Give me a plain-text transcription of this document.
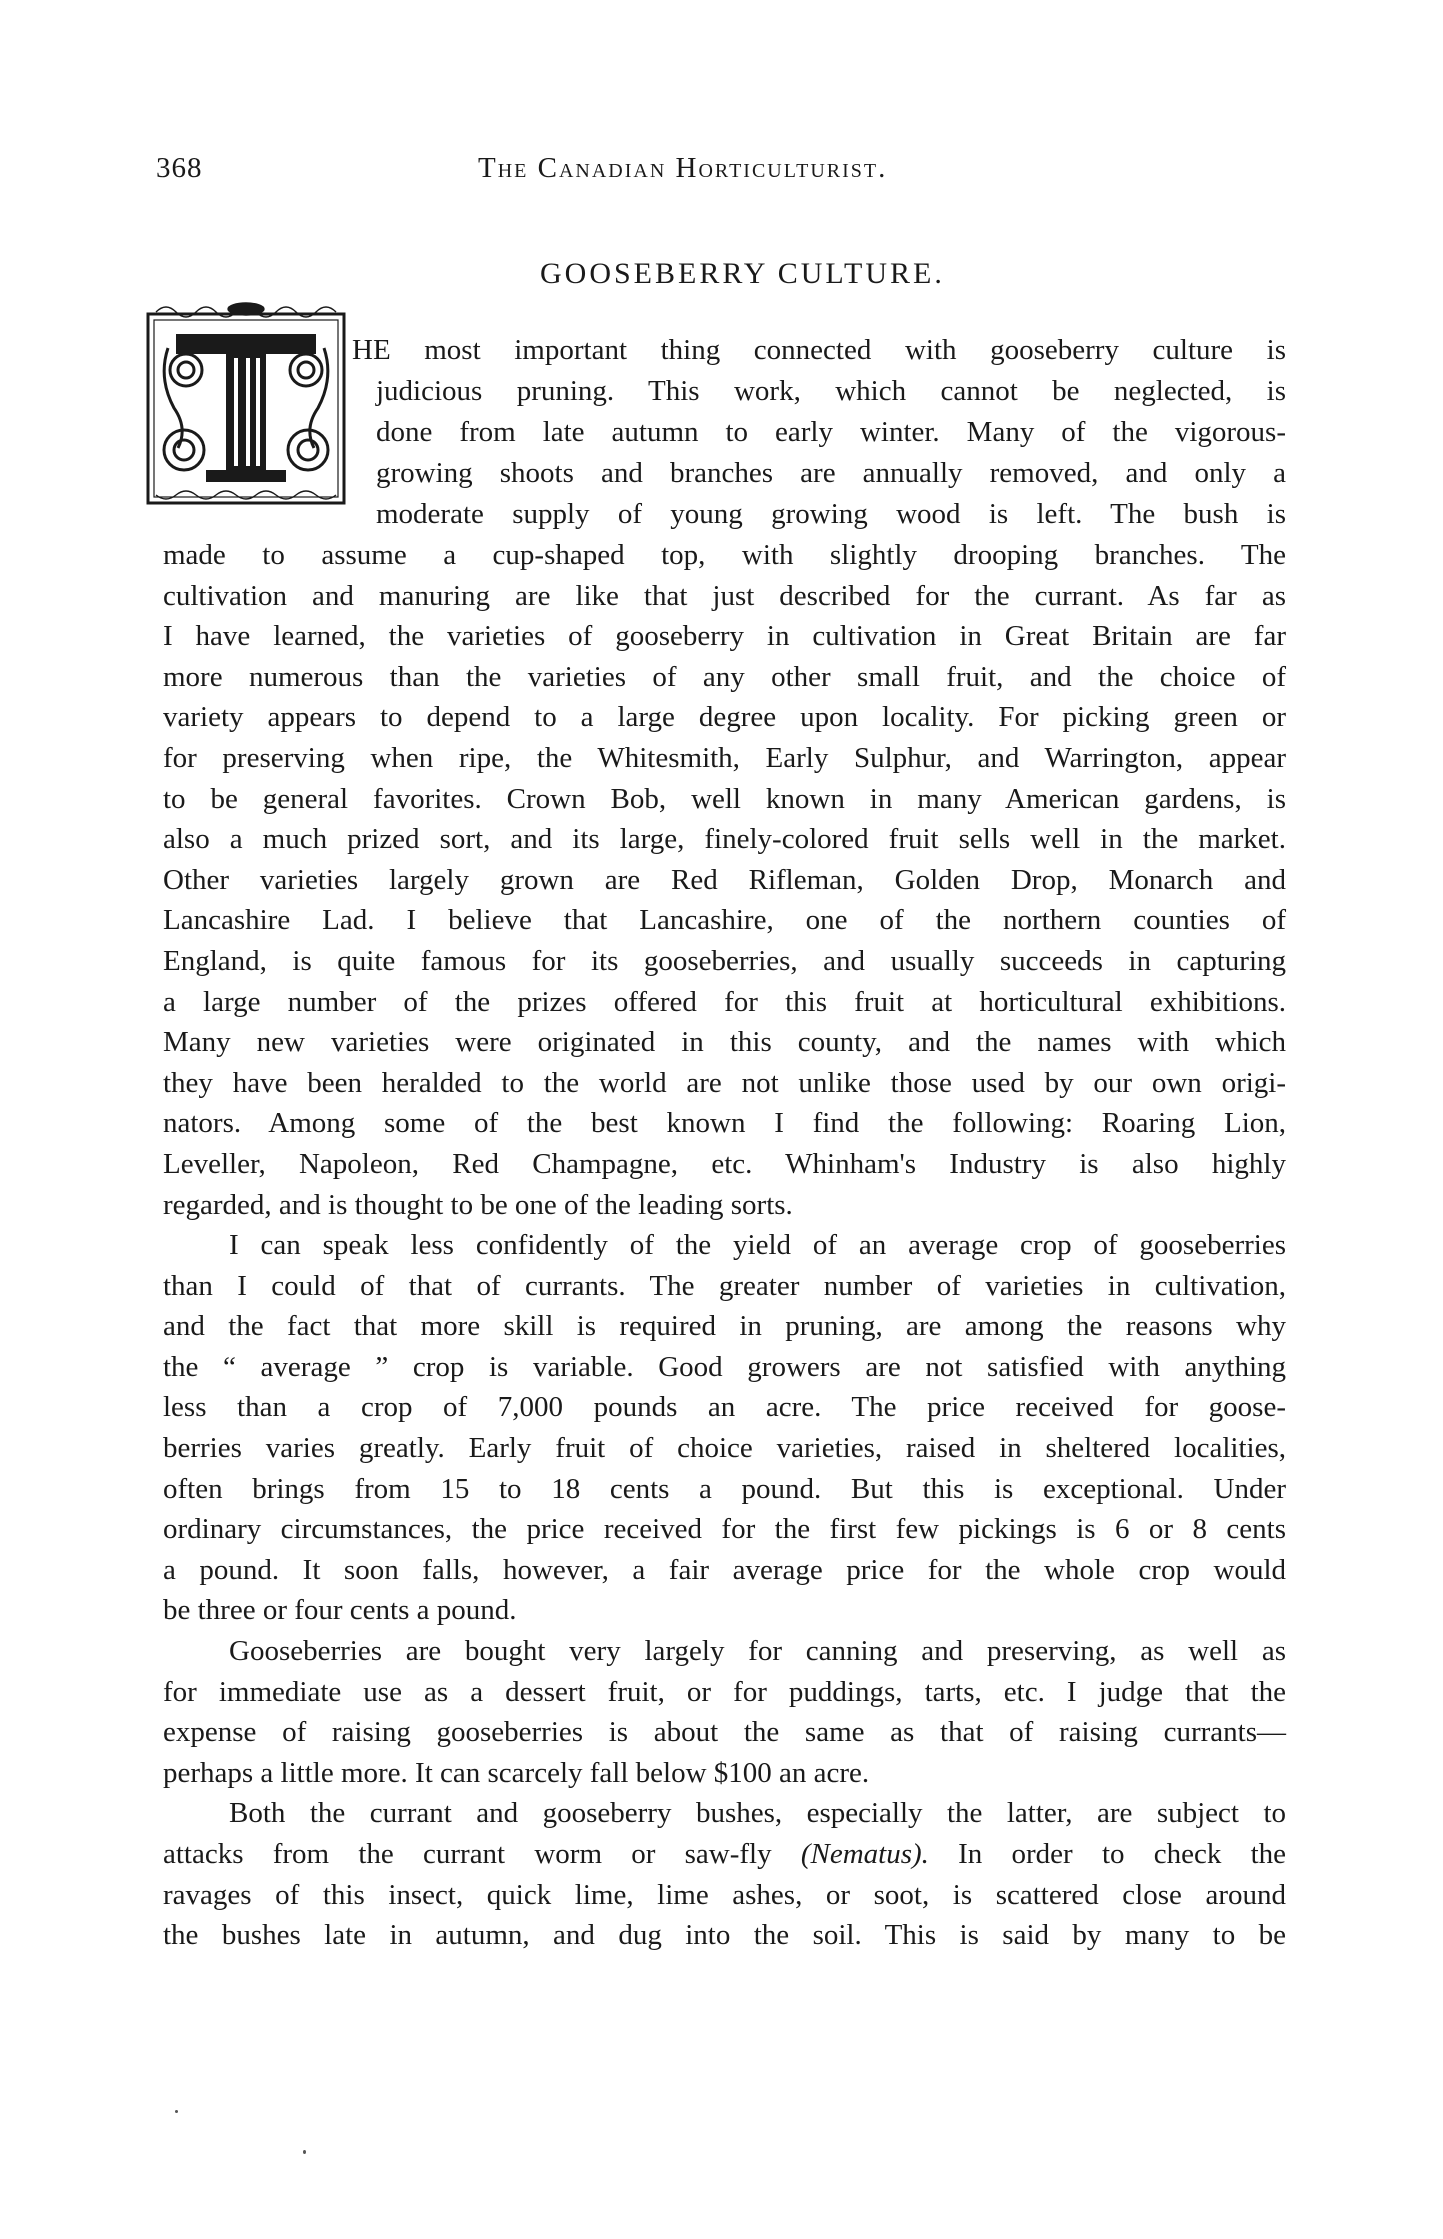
368	The Canadian Horticulturist.
GOOSEBERRY CULTURE.
T
HE most important thing connected with gooseberry culture is
judicious pruning. This work, which cannot be neglected, is
done from late autumn to early winter. Many of the vigorous-
growing shoots and branches are annually removed, and only a
moderate supply of young growing wood is left. The bush is
made to assume a cup-shaped top, with slightly drooping branches. The
cultivation and manuring are like that just described for the currant. As far as
I have learned, the varieties of gooseberry in cultivation in Great Britain are far
more numerous than the varieties of any other small fruit, and the choice of
variety appears to depend to a large degree upon locality. For picking green or
for preserving when ripe, the Whitesmith, Early Sulphur, and Warrington, appear
to be general favorites. Crown Bob, well known in many American gardens, is
also a much prized sort, and its large, finely-colored fruit sells well in the market.
Other varieties largely grown are Red Rifleman, Golden Drop, Monarch and
Lancashire Lad. I believe that Lancashire, one of the northern counties of
England, is quite famous for its gooseberries, and usually succeeds in capturing
a large number of the prizes offered for this fruit at horticultural exhibitions.
Many new varieties were originated in this county, and the names with which
they have been heralded to the world are not unlike those used by our own origi-
nators. Among some of the best known I find the following: Roaring Lion,
Leveller, Napoleon, Red Champagne, etc. Whinham's Industry is also highly
regarded, and is thought to be one of the leading sorts.
I can speak less confidently of the yield of an average crop of gooseberries
than I could of that of currants. The greater number of varieties in cultivation,
and the fact that more skill is required in pruning, are among the reasons why
the “ average ” crop is variable. Good growers are not satisfied with anything
less than a crop of 7,000 pounds an acre. The price received for goose-
berries varies greatly. Early fruit of choice varieties, raised in sheltered localities,
often brings from 15 to 18 cents a pound. But this is exceptional. Under
ordinary circumstances, the price received for the first few pickings is 6 or 8 cents
a pound. It soon falls, however, a fair average price for the whole crop would
be three or four cents a pound.
Gooseberries are bought very largely for canning and preserving, as well as
for immediate use as a dessert fruit, or for puddings, tarts, etc. I judge that the
expense of raising gooseberries is about the same as that of raising currants—
perhaps a little more. It can scarcely fall below $100 an acre.
Both the currant and gooseberry bushes, especially the latter, are subject to
attacks from the currant worm or saw-fly (Nematus). In order to check the
ravages of this insect, quick lime, lime ashes, or soot, is scattered close around
the bushes late in autumn, and dug into the soil. This is said by many to be
